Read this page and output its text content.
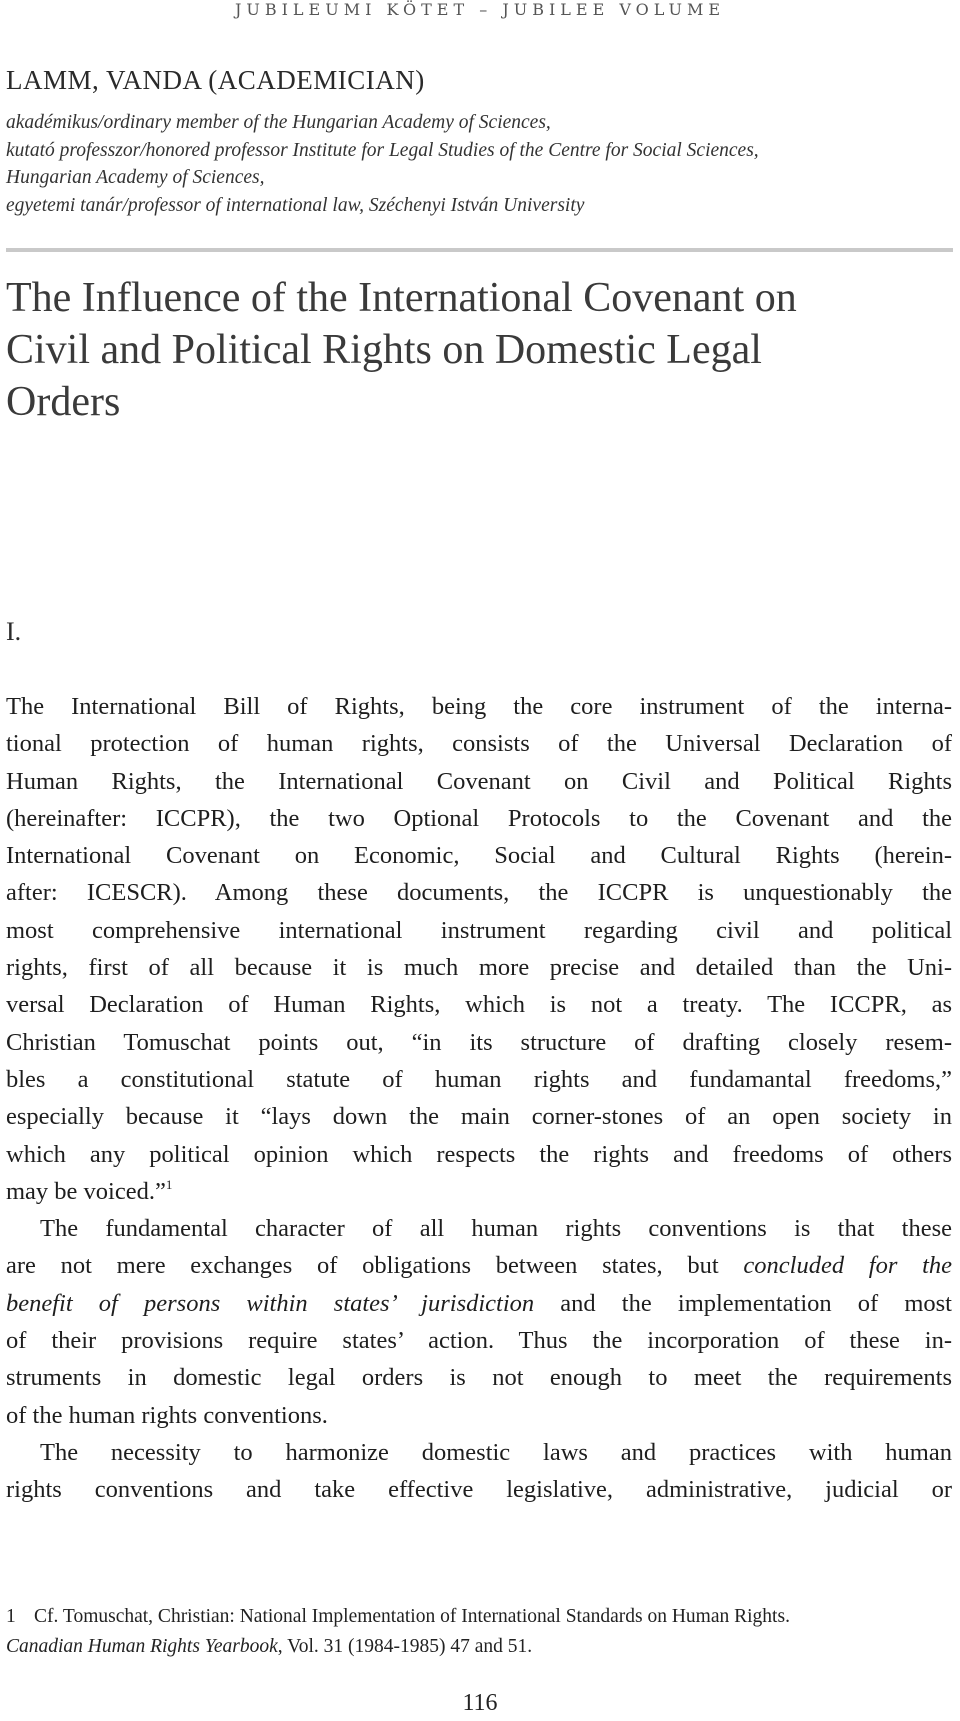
JUBILEUMI KÖTET – JUBILEE VOLUME
LAMM, VANDA (ACADEMICIAN)
akadémikus/ordinary member of the Hungarian Academy of Sciences,
kutató professzor/honored professor Institute for Legal Studies of the Centre for Social Sciences,
Hungarian Academy of Sciences,
egyetemi tanár/professor of international law, Széchenyi István University
The Influence of the International Covenant on
Civil and Political Rights on Domestic Legal
Orders
I.
The International Bill of Rights, being the core instrument of the interna-
tional protection of human rights, consists of the Universal Declaration of
Human Rights, the International Covenant on Civil and Political Rights
(hereinafter: ICCPR), the two Optional Protocols to the Covenant and the
International Covenant on Economic, Social and Cultural Rights (herein-
after: ICESCR). Among these documents, the ICCPR is unquestionably the
most comprehensive international instrument regarding civil and political
rights, first of all because it is much more precise and detailed than the Uni-
versal Declaration of Human Rights, which is not a treaty. The ICCPR, as
Christian Tomuschat points out, “in its structure of drafting closely resem-
bles a constitutional statute of human rights and fundamantal freedoms,”
especially because it “lays down the main corner-stones of an open society in
which any political opinion which respects the rights and freedoms of others
may be voiced.”$^1$
The fundamental character of all human rights conventions is that these
are not mere exchanges of obligations between states, but concluded for the
benefit of persons within states’ jurisdiction and the implementation of most
of their provisions require states’ action. Thus the incorporation of these in-
struments in domestic legal orders is not enough to meet the requirements
of the human rights conventions.
The necessity to harmonize domestic laws and practices with human
rights conventions and take effective legislative, administrative, judicial or
1 Cf. Tomuschat, Christian: National Implementation of International Standards on Human Rights.
Canadian Human Rights Yearbook, Vol. 31 (1984-1985) 47 and 51.
116
